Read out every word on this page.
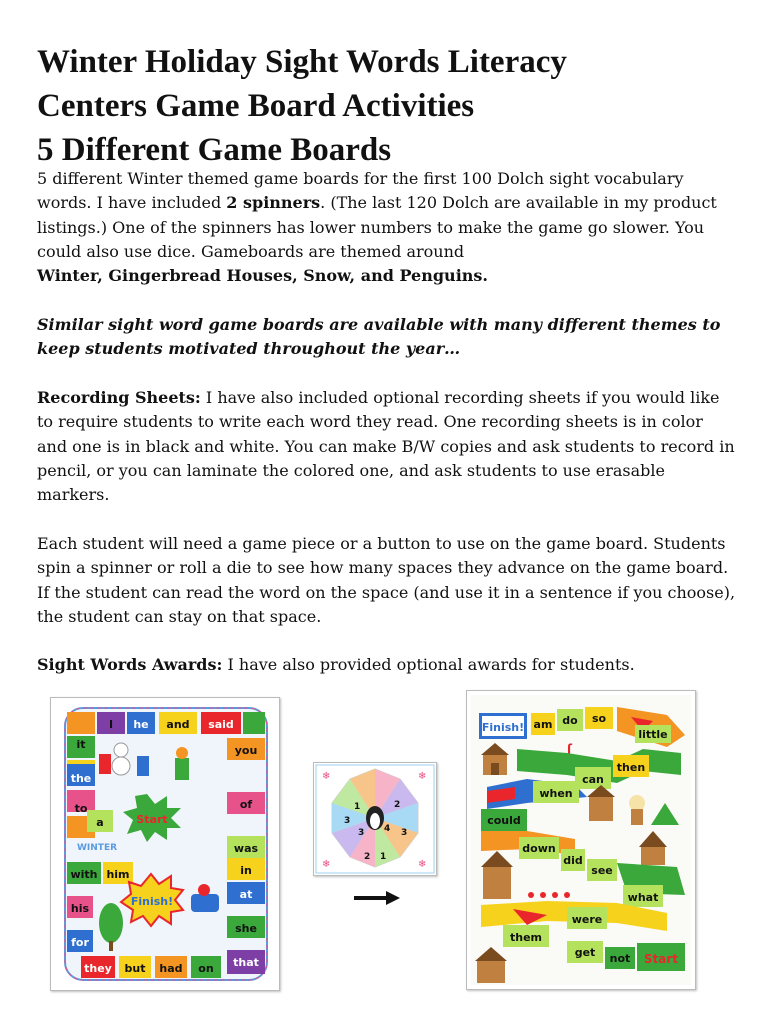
Winter Holiday Sight Words Literacy
Centers Game Board Activities
5 Different Game Boards

5 different Winter themed game boards for the first 100 Dolch sight vocabulary words. I have included 2 spinners. (The last 120 Dolch are available in my product listings.) One of the spinners has lower numbers to make the game go slower. You could also use dice. Gameboards are themed around
Winter, Gingerbread Houses, Snow, and Penguins.

Similar sight word game boards are available with many different themes to keep students motivated throughout the year…

Recording Sheets: I have also included optional recording sheets if you would like to require students to write each word they read. One recording sheets is in color and one is in black and white. You can make B/W copies and ask students to record in pencil, or you can laminate the colored one, and ask students to use erasable markers.

Each student will need a game piece or a button to use on the game board. Students spin a spinner or roll a die to see how many spaces they advance on the game board. If the student can read the word on the space (and use it in a sentence if you choose), the student can stay on that space.

Sight Words Awards: I have also provided optional awards for students.

I he and said
it
the
to
a	Start
WINTER
with him
his
for
Finish!
you
of
was
in
at
she
that
they but had on
1	2
3
4
3
2 1
3
❄	❄
❄	❄
Finish! am do so
little
ʃ
then
can
when
could
down
did
see
what
were
them
get not Start
